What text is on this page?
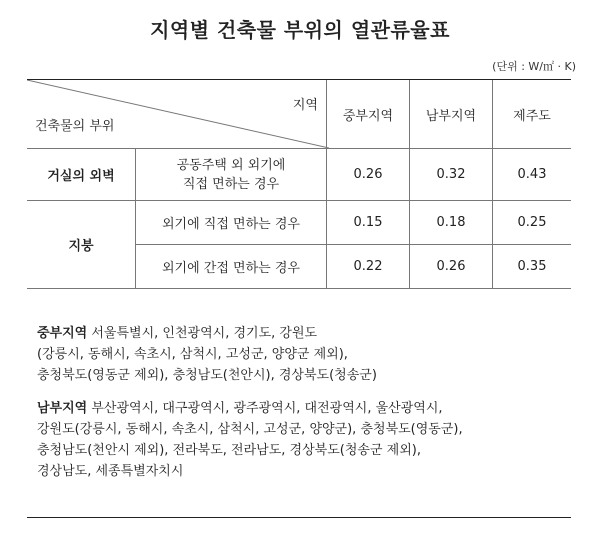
지역별 건축물 부위의 열관류율표
(단위 : W/㎡ · K)
지역
건축물의 부위		중부지역	남부지역	제주도
거실의 외벽	공동주택 외 외기에
직접 면하는 경우	0.26	0.32	0.43
지붕	외기에 직접 면하는 경우	0.15	0.18	0.25
	외기에 간접 면하는 경우	0.22	0.26	0.35

중부지역 서울특별시, 인천광역시, 경기도, 강원도
(강릉시, 동해시, 속초시, 삼척시, 고성군, 양양군 제외),
충청북도(영동군 제외), 충청남도(천안시), 경상북도(청송군)

남부지역 부산광역시, 대구광역시, 광주광역시, 대전광역시, 울산광역시,
강원도(강릉시, 동해시, 속초시, 삼척시, 고성군, 양양군), 충청북도(영동군),
충청남도(천안시 제외), 전라북도, 전라남도, 경상북도(청송군 제외),
경상남도, 세종특별자치시
